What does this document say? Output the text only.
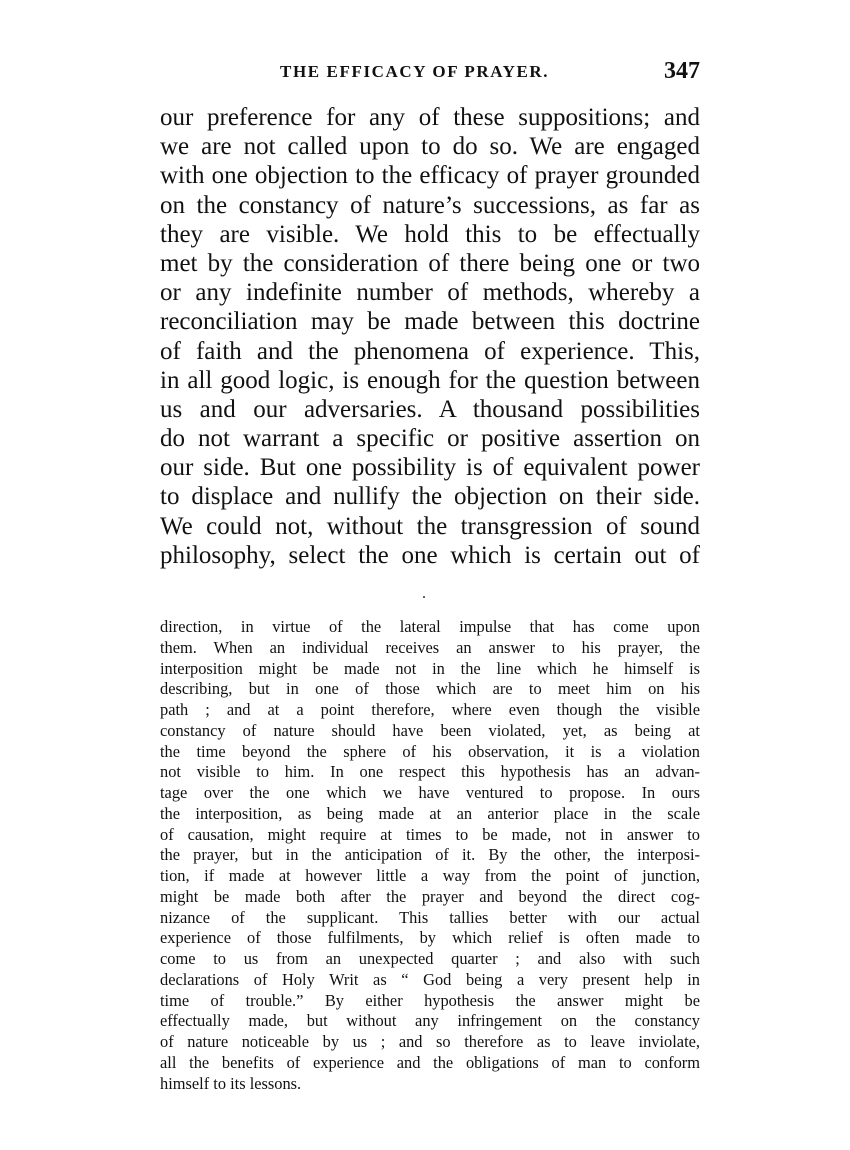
THE EFFICACY OF PRAYER.	347
our preference for any of these suppositions; and
we are not called upon to do so. We are engaged
with one objection to the efficacy of prayer grounded
on the constancy of nature’s successions, as far as
they are visible. We hold this to be effectually
met by the consideration of there being one or two
or any indefinite number of methods, whereby a
reconciliation may be made between this doctrine
of faith and the phenomena of experience. This,
in all good logic, is enough for the question between
us and our adversaries. A thousand possibilities
do not warrant a specific or positive assertion on
our side. But one possibility is of equivalent power
to displace and nullify the objection on their side.
We could not, without the transgression of sound
philosophy, select the one which is certain out of
direction, in virtue of the lateral impulse that has come upon
them. When an individual receives an answer to his prayer, the
interposition might be made not in the line which he himself is
describing, but in one of those which are to meet him on his
path ; and at a point therefore, where even though the visible
constancy of nature should have been violated, yet, as being at
the time beyond the sphere of his observation, it is a violation
not visible to him. In one respect this hypothesis has an advan-
tage over the one which we have ventured to propose. In ours
the interposition, as being made at an anterior place in the scale
of causation, might require at times to be made, not in answer to
the prayer, but in the anticipation of it. By the other, the interposi-
tion, if made at however little a way from the point of junction,
might be made both after the prayer and beyond the direct cog-
nizance of the supplicant. This tallies better with our actual
experience of those fulfilments, by which relief is often made to
come to us from an unexpected quarter ; and also with such
declarations of Holy Writ as “ God being a very present help in
time of trouble.” By either hypothesis the answer might be
effectually made, but without any infringement on the constancy
of nature noticeable by us ; and so therefore as to leave inviolate,
all the benefits of experience and the obligations of man to conform
himself to its lessons.
